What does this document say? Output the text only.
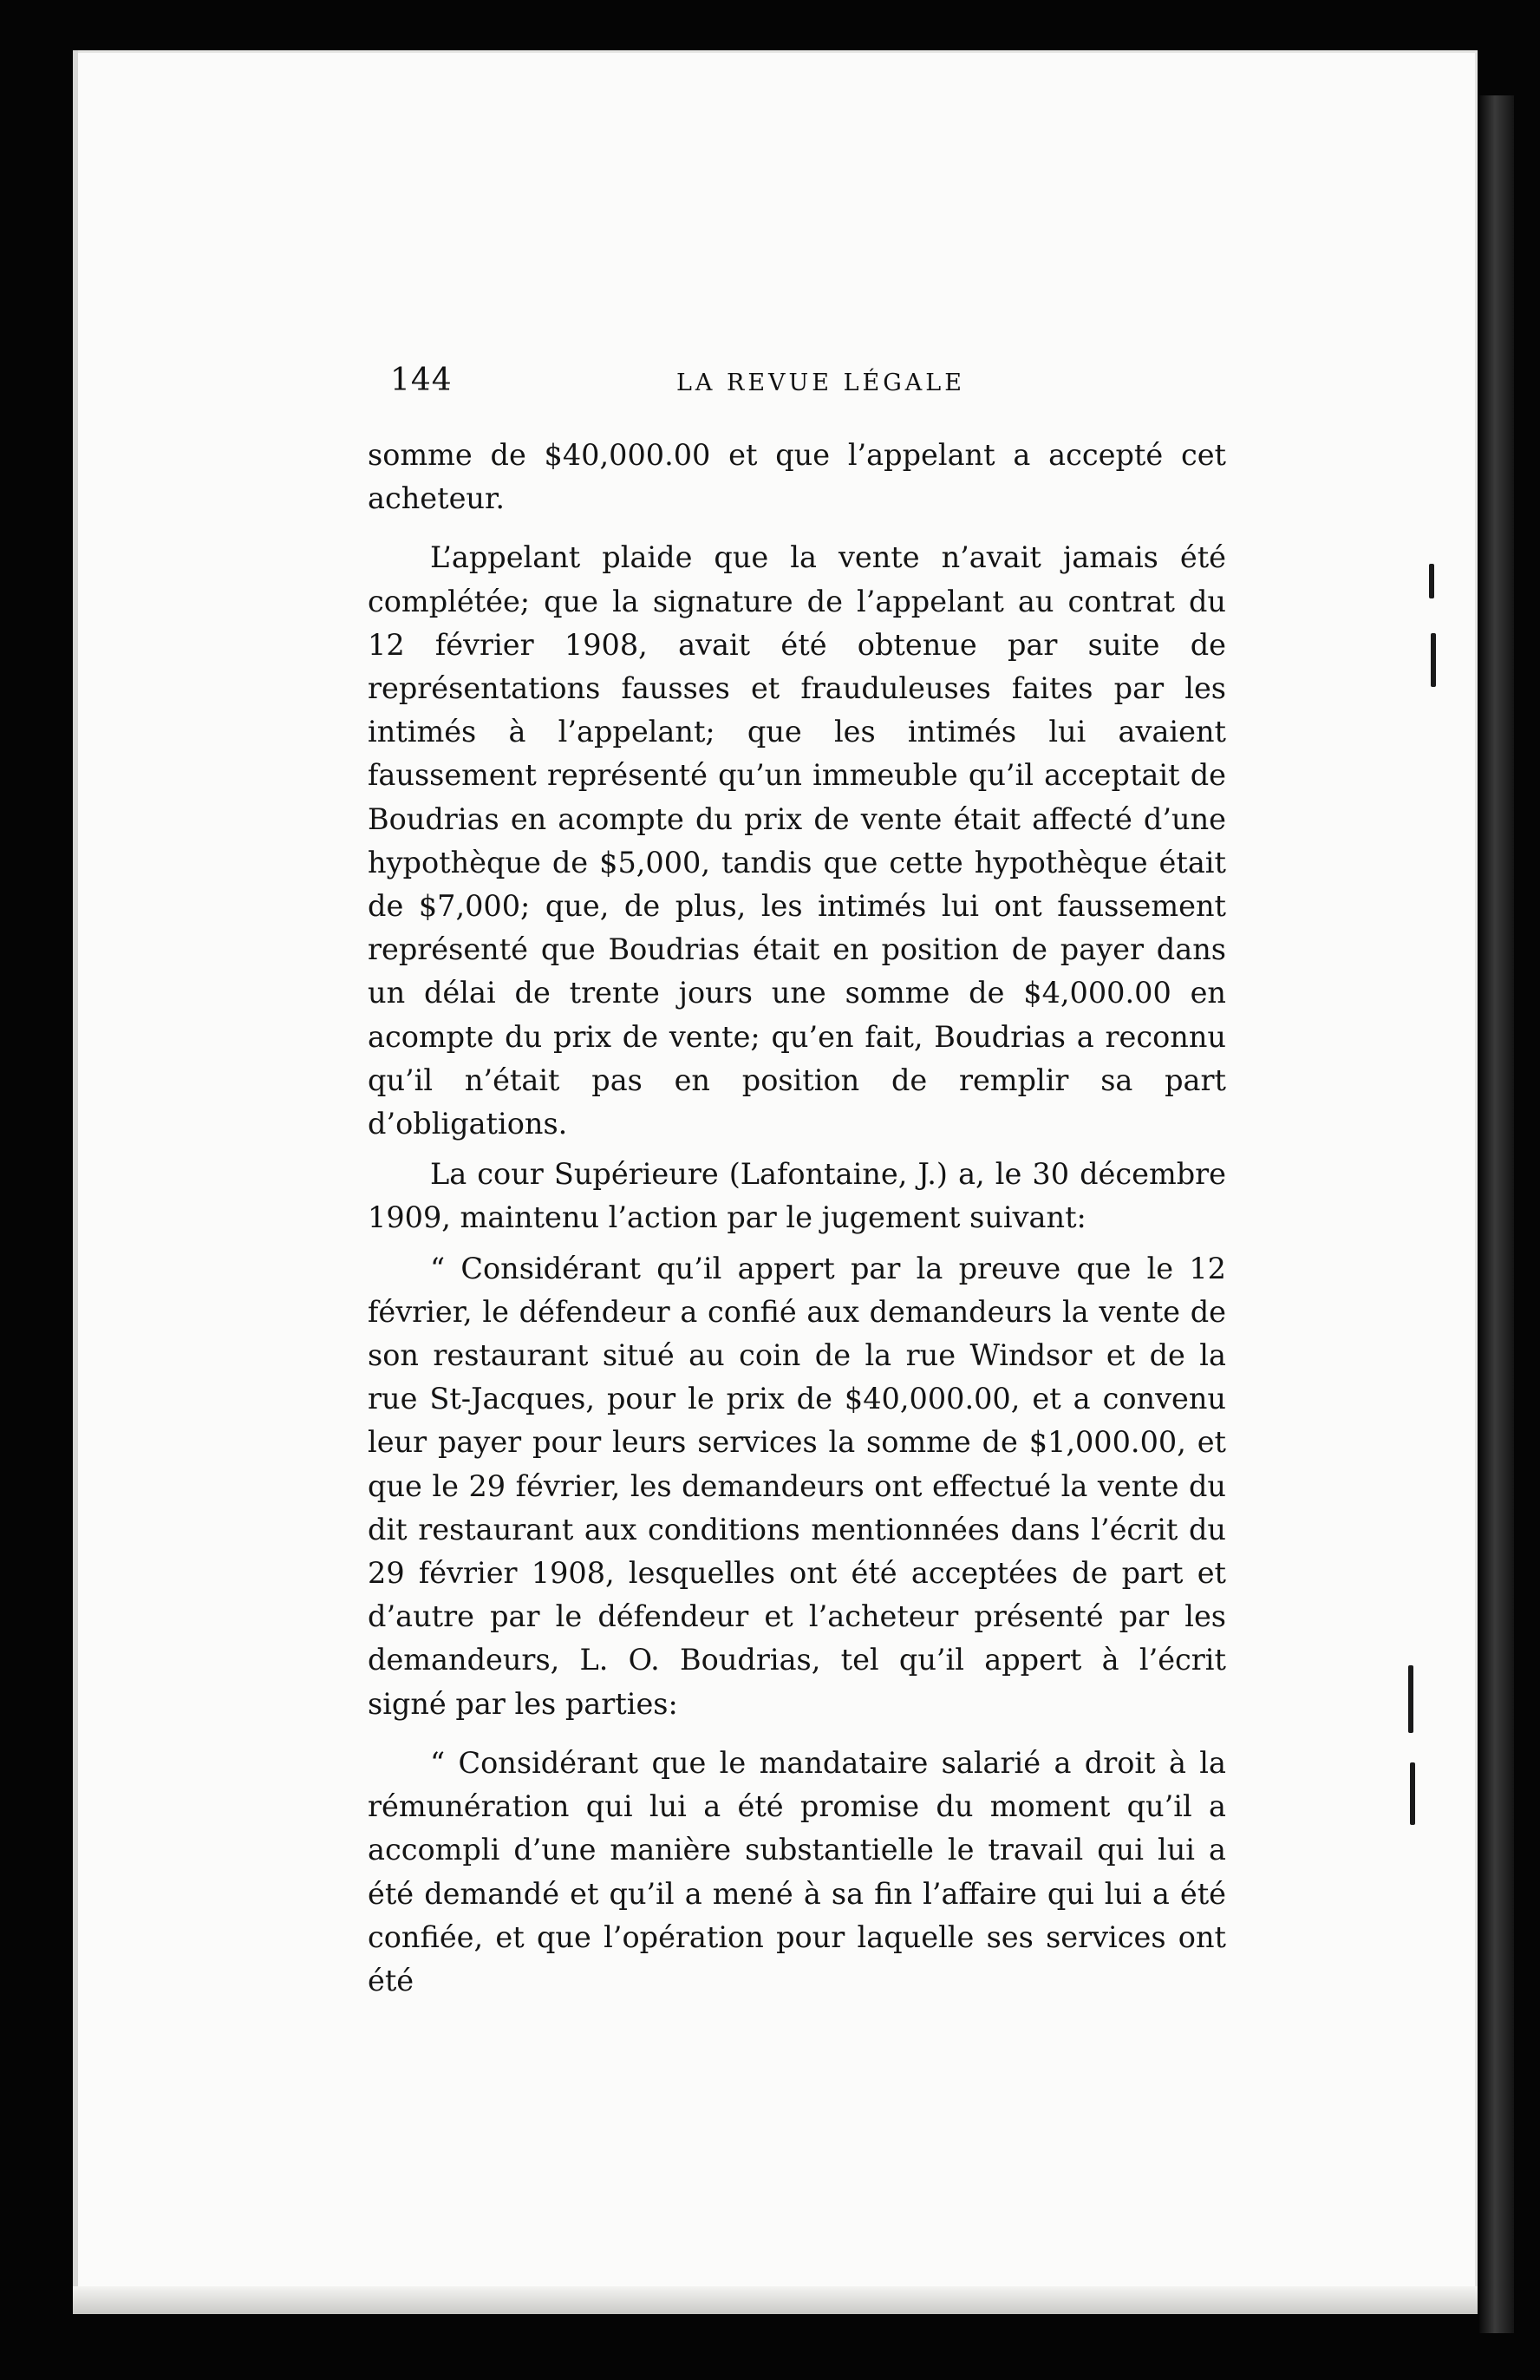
144	LA REVUE LÉGALE

somme de $40,000.00 et que l’appelant a accepté cet acheteur.

L’appelant plaide que la vente n’avait jamais été complétée; que la signature de l’appelant au contrat du 12 février 1908, avait été obtenue par suite de représentations fausses et frauduleuses faites par les intimés à l’appelant; que les intimés lui avaient faussement représenté qu’un immeuble qu’il acceptait de Boudrias en acompte du prix de vente était affecté d’une hypothèque de $5,000, tandis que cette hypothèque était de $7,000; que, de plus, les intimés lui ont faussement représenté que Boudrias était en position de payer dans un délai de trente jours une somme de $4,000.00 en acompte du prix de vente; qu’en fait, Boudrias a reconnu qu’il n’était pas en position de remplir sa part d’obligations.

La cour Supérieure (Lafontaine, J.) a, le 30 décembre 1909, maintenu l’action par le jugement suivant:

“ Considérant qu’il appert par la preuve que le 12 février, le défendeur a confié aux demandeurs la vente de son restaurant situé au coin de la rue Windsor et de la rue St-Jacques, pour le prix de $40,000.00, et a convenu leur payer pour leurs services la somme de $1,000.00, et que le 29 février, les demandeurs ont effectué la vente du dit restaurant aux conditions mentionnées dans l’écrit du 29 février 1908, lesquelles ont été acceptées de part et d’autre par le défendeur et l’acheteur présenté par les demandeurs, L. O. Boudrias, tel qu’il appert à l’écrit signé par les parties:

“ Considérant que le mandataire salarié a droit à la rémunération qui lui a été promise du moment qu’il a accompli d’une manière substantielle le travail qui lui a été demandé et qu’il a mené à sa fin l’affaire qui lui a été confiée, et que l’opération pour laquelle ses services ont été
